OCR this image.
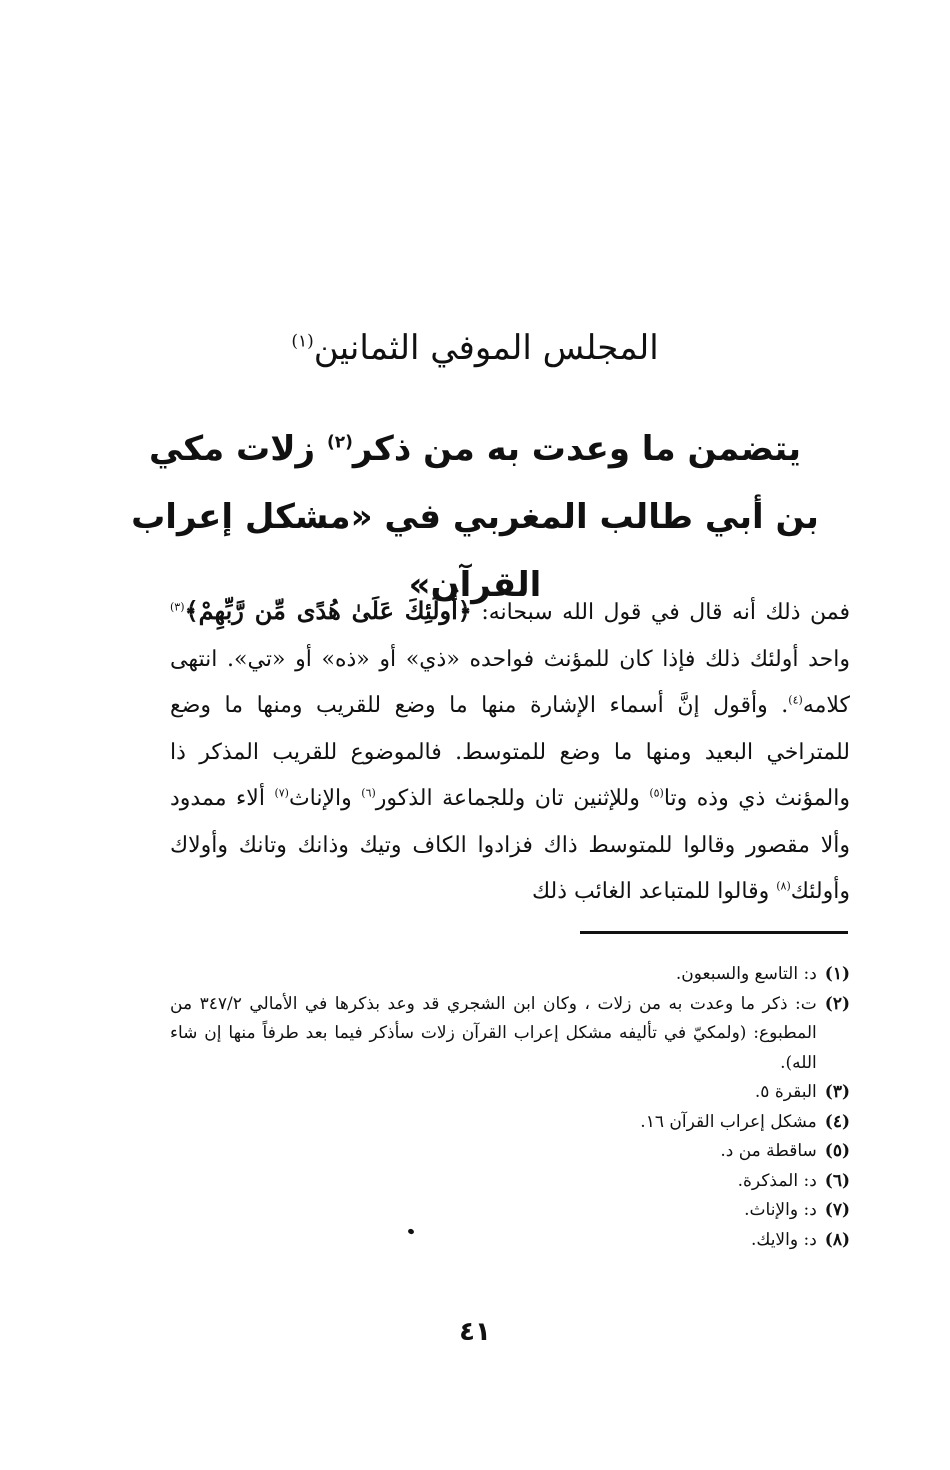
المجلس الموفي الثمانين$^{(١)}$
يتضمن ما وعدت به من ذكر$^{(٢)}$ زلات مكي بن أبي طالب المغربي في «مشكل إعراب القرآن»
فمن ذلك أنه قال في قول الله سبحانه: ﴿أُولَٰئِكَ عَلَىٰ هُدًى مِّن رَّبِّهِمْ﴾$^{(٣)}$ واحد أولئك ذلك فإذا كان للمؤنث فواحده «ذي» أو «ذه» أو «تي». انتهى كلامه$^{(٤)}$. وأقول إنَّ أسماء الإشارة منها ما وضع للقريب ومنها ما وضع للمتراخي البعيد ومنها ما وضع للمتوسط. فالموضوع للقريب المذكر ذا والمؤنث ذي وذه وتا$^{(٥)}$ وللإثنين تان وللجماعة الذكور$^{(٦)}$ والإناث$^{(٧)}$ ألاء ممدود وألا مقصور وقالوا للمتوسط ذاك فزادوا الكاف وتيك وذانك وتانك وأولاك وأولئك$^{(٨)}$ وقالوا للمتباعد الغائب ذلك
(١)
د: التاسع والسبعون.
(٢)
ت: ذكر ما وعدت به من زلات ، وكان ابن الشجري قد وعد بذكرها في الأمالي ٣٤٧/٢ من المطبوع: (ولمكيّ في تأليفه مشكل إعراب القرآن زلات سأذكر فيما بعد طرفاً منها إن شاء الله).
(٣)
البقرة ٥.
(٤)
مشكل إعراب القرآن ١٦.
(٥)
ساقطة من د.
(٦)
د: المذكرة.
(٧)
د: والإناث.
(٨)
د: والايك.
٤١
